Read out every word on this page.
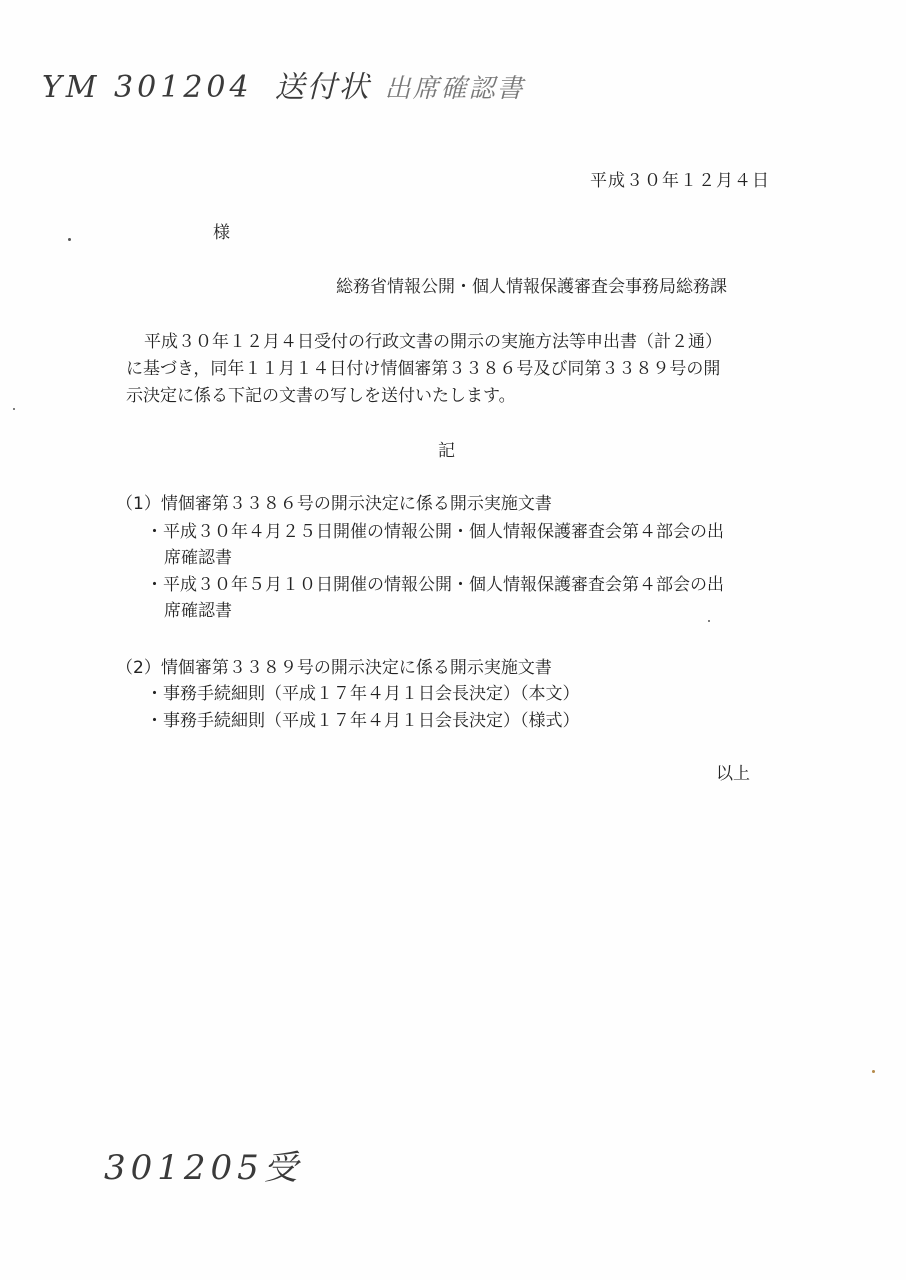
YM 301204 送付状 出席確認書
平成３０年１２月４日
様
総務省情報公開・個人情報保護審査会事務局総務課
平成３０年１２月４日受付の行政文書の開示の実施方法等申出書（計２通）
に基づき，同年１１月１４日付け情個審第３３８６号及び同第３３８９号の開
示決定に係る下記の文書の写しを送付いたします。
記
（1）情個審第３３８６号の開示決定に係る開示実施文書
・平成３０年４月２５日開催の情報公開・個人情報保護審査会第４部会の出
席確認書
・平成３０年５月１０日開催の情報公開・個人情報保護審査会第４部会の出
席確認書
（2）情個審第３３８９号の開示決定に係る開示実施文書
・事務手続細則（平成１７年４月１日会長決定）（本文）
・事務手続細則（平成１７年４月１日会長決定）（様式）
以上
301205受
